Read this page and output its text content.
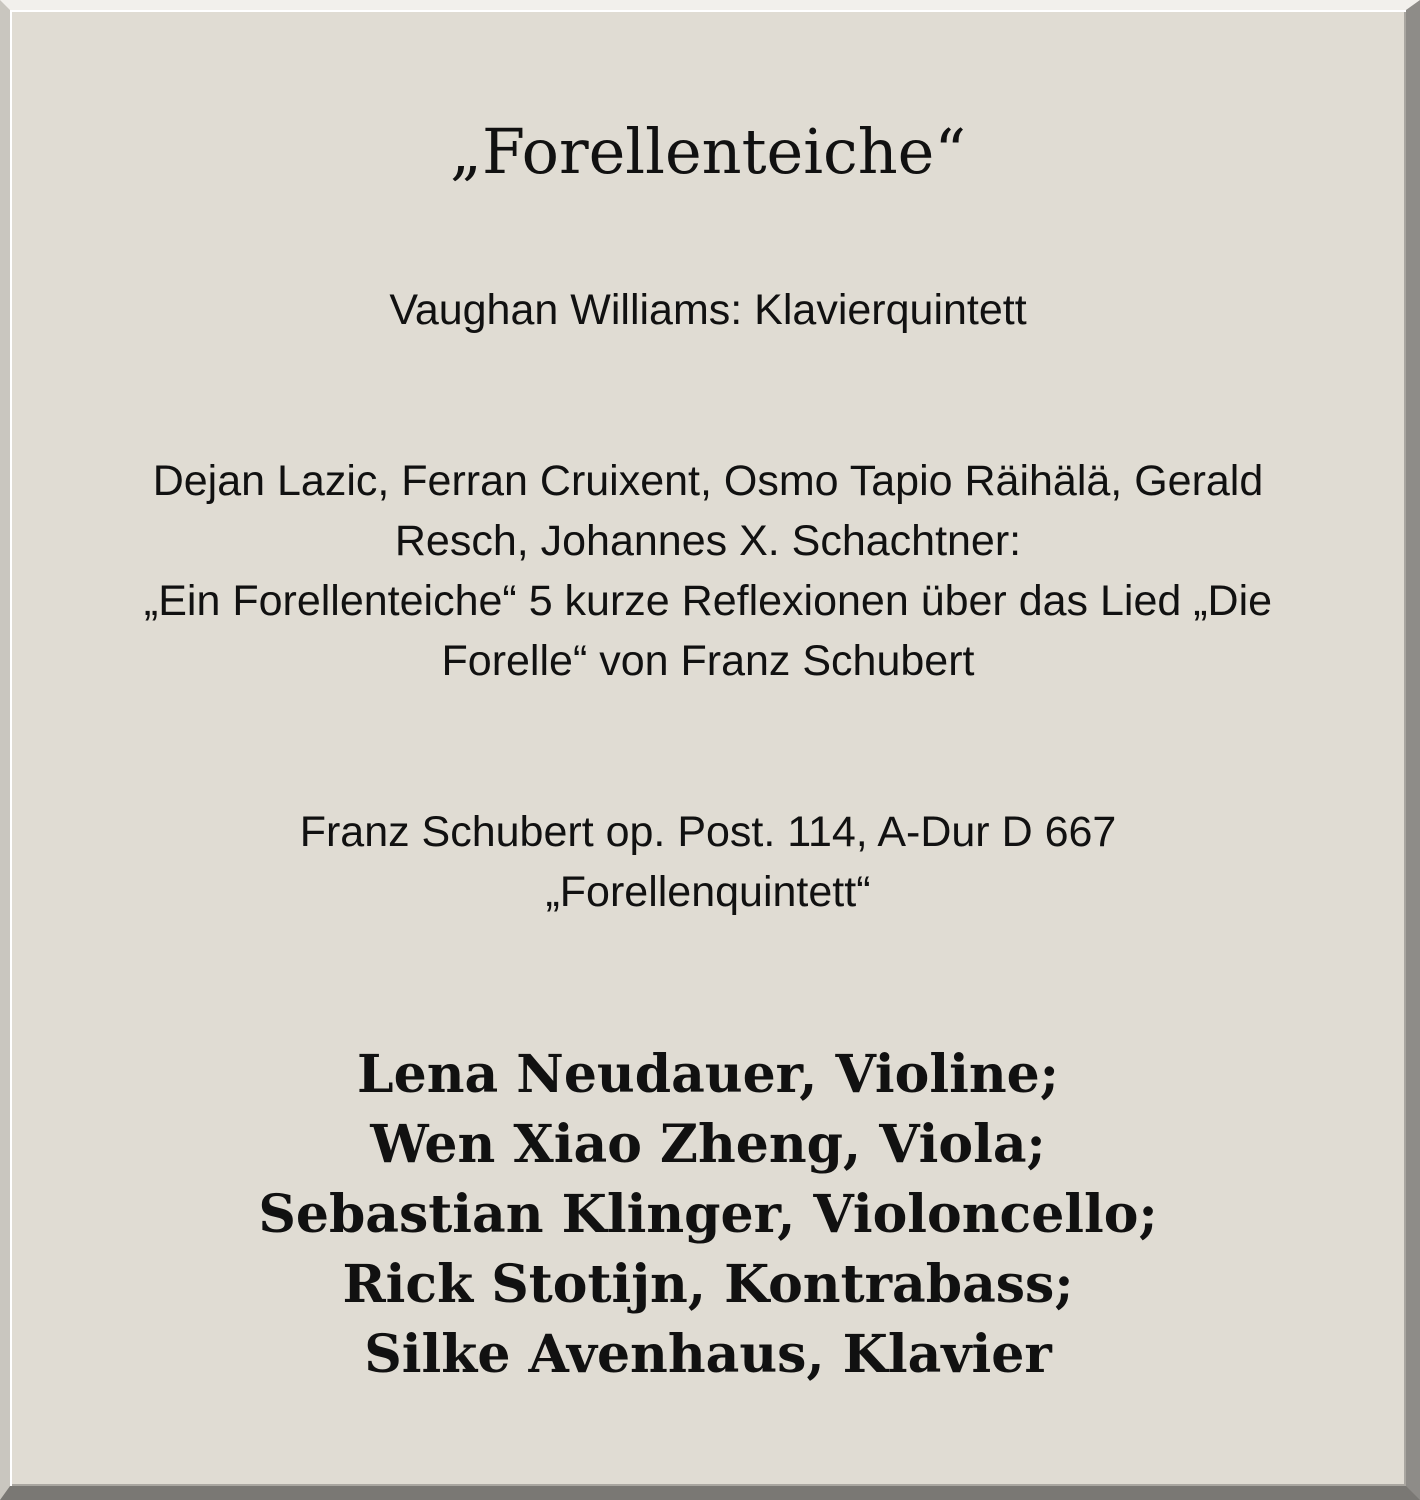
„Forellenteiche“

Vaughan Williams: Klavierquintett

Dejan Lazic, Ferran Cruixent, Osmo Tapio Räihälä, Gerald
Resch, Johannes X. Schachtner:
„Ein Forellenteiche“ 5 kurze Reflexionen über das Lied „Die
Forelle“ von Franz Schubert

Franz Schubert op. Post. 114, A-Dur D 667
„Forellenquintett“

Lena Neudauer, Violine;
Wen Xiao Zheng, Viola;
Sebastian Klinger, Violoncello;
Rick Stotijn, Kontrabass;
Silke Avenhaus, Klavier
